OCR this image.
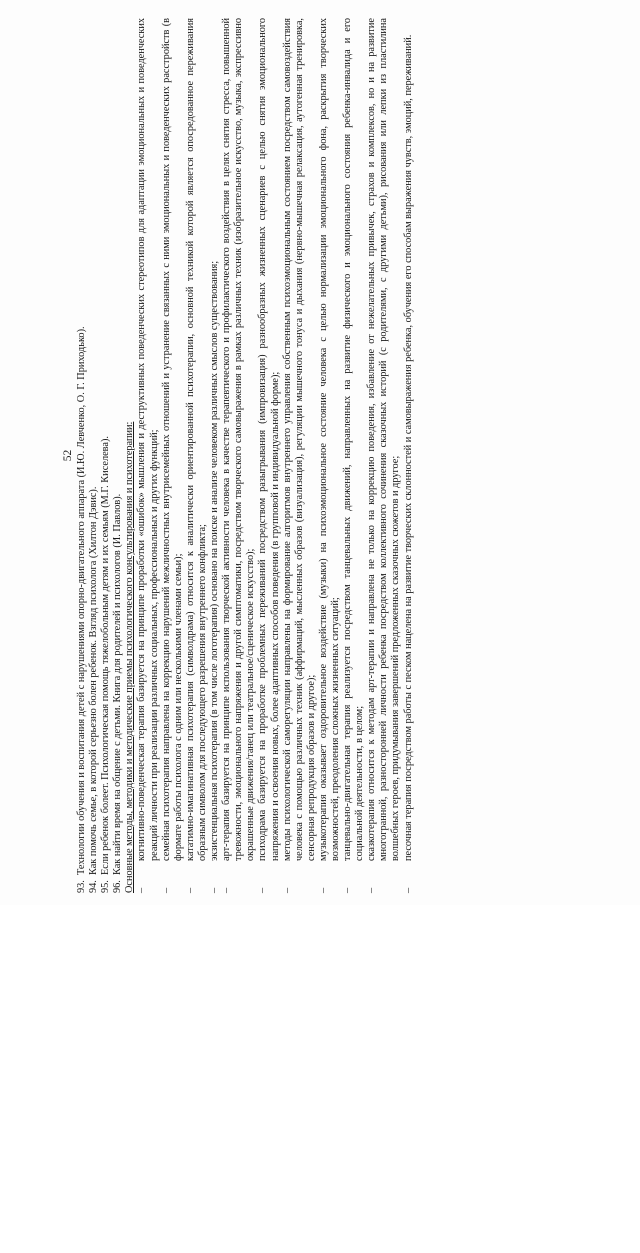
52
93.Технологии обучения и воспитания детей с нарушениями опорно-двигательного аппарата (И.Ю. Левченко, О. Г. Приходько).
94.Как помочь семье, в которой серьезно болен ребенок. Взгляд психолога (Хилтон Дэвис).
95.Если ребенок болеет. Психологическая помощь тяжелобольным детям и их семьям (М.Г. Киселева).
96.Как найти время на общение с детьми. Книга для родителей и психологов (И. Павлов). Основные методы, методики и методические приемы психологического консультирования и психотерапии: –
когнитивно-поведенческая терапия базируется на принципе проработки «ошибок» мышления и деструктивных поведенческих стереотипов для адаптации эмоциональных и поведенческих реакций личности при реализации различных социальных, профессиональных и других функций;
–
семейная психотерапия направлена на коррекцию нарушений межличностных внутрисемейных отношений и устранение связанных с ними эмоциональных и поведенческих расстройств (в формате работы психолога с одним или несколькими членами семьи);
–
кататимно-имагинативная психотерапия (символдрама) относится к аналитически ориентированной психотерапии, основной техникой которой является опосредованное переживания образным символом для последующего разрешения внутреннего конфликта;
–
экзистенциальная психотерапия (в том числе логотерапия) основано на поиске и анализе человеком различных смыслов существования;
–
арт-терапия базируется на принципе использования творческой активности человека в качестве терапевтического и профилактического воздействия в целях снятия стресса, повышенной тревожности, эмоционального напряжения и другой симптоматики, посредством творческого самовыражения в рамках различных техник (изобразительное искусство, музыка, экспрессивно окрашенные движения/танец или театральное/сценическое искусство);
–
психодрама базируется на проработке проблемных переживаний посредством разыгрывания (импровизация) разнообразных жизненных сценариев с целью снятия эмоционального напряжения и освоения новых, более адаптивных способов поведения (в групповой и индивидуальной форме);
–
методы психологической саморегуляции направлены на формирование алгоритмов внутреннего управления собственным психоэмоциональным состоянием посредством самовоздействия человека с помощью различных техник (аффирмаций, мысленных образов (визуализация), регуляции мышечного тонуса и дыхания (нервно-мышечная релаксация, аутогенная тренировка, сенсорная репродукция образов и другое);
–
музыкотерапия оказывает оздоровительное воздействие (музыки) на психоэмоциональное состояние человека с целью нормализации эмоционального фона, раскрытия творческих возможностей, преодоления сложных жизненных ситуаций;
–
танцевально-двигательная терапия реализуется посредством танцевальных движений, направленных на развитие физического и эмоционального состояния ребенка-инвалида и его социальной деятельности, в целом;
–
сказкотерапия относится к методам арт-терапии и направлена не только на коррекцию поведения, избавление от нежелательных привычек, страхов и комплексов, но и на развитие многогранной, разносторонней личности ребенка посредством коллективного сочинения сказочных историй (с родителями, с другими детьми), рисования или лепки из пластилина волшебных героев, придумывания завершений предложенных сказочных сюжетов и другое;
–
песочная терапия посредством работы с песком нацелена на развитие творческих склонностей и самовыражения ребенка, обучения его способам выражения чувств, эмоций, переживаний.
